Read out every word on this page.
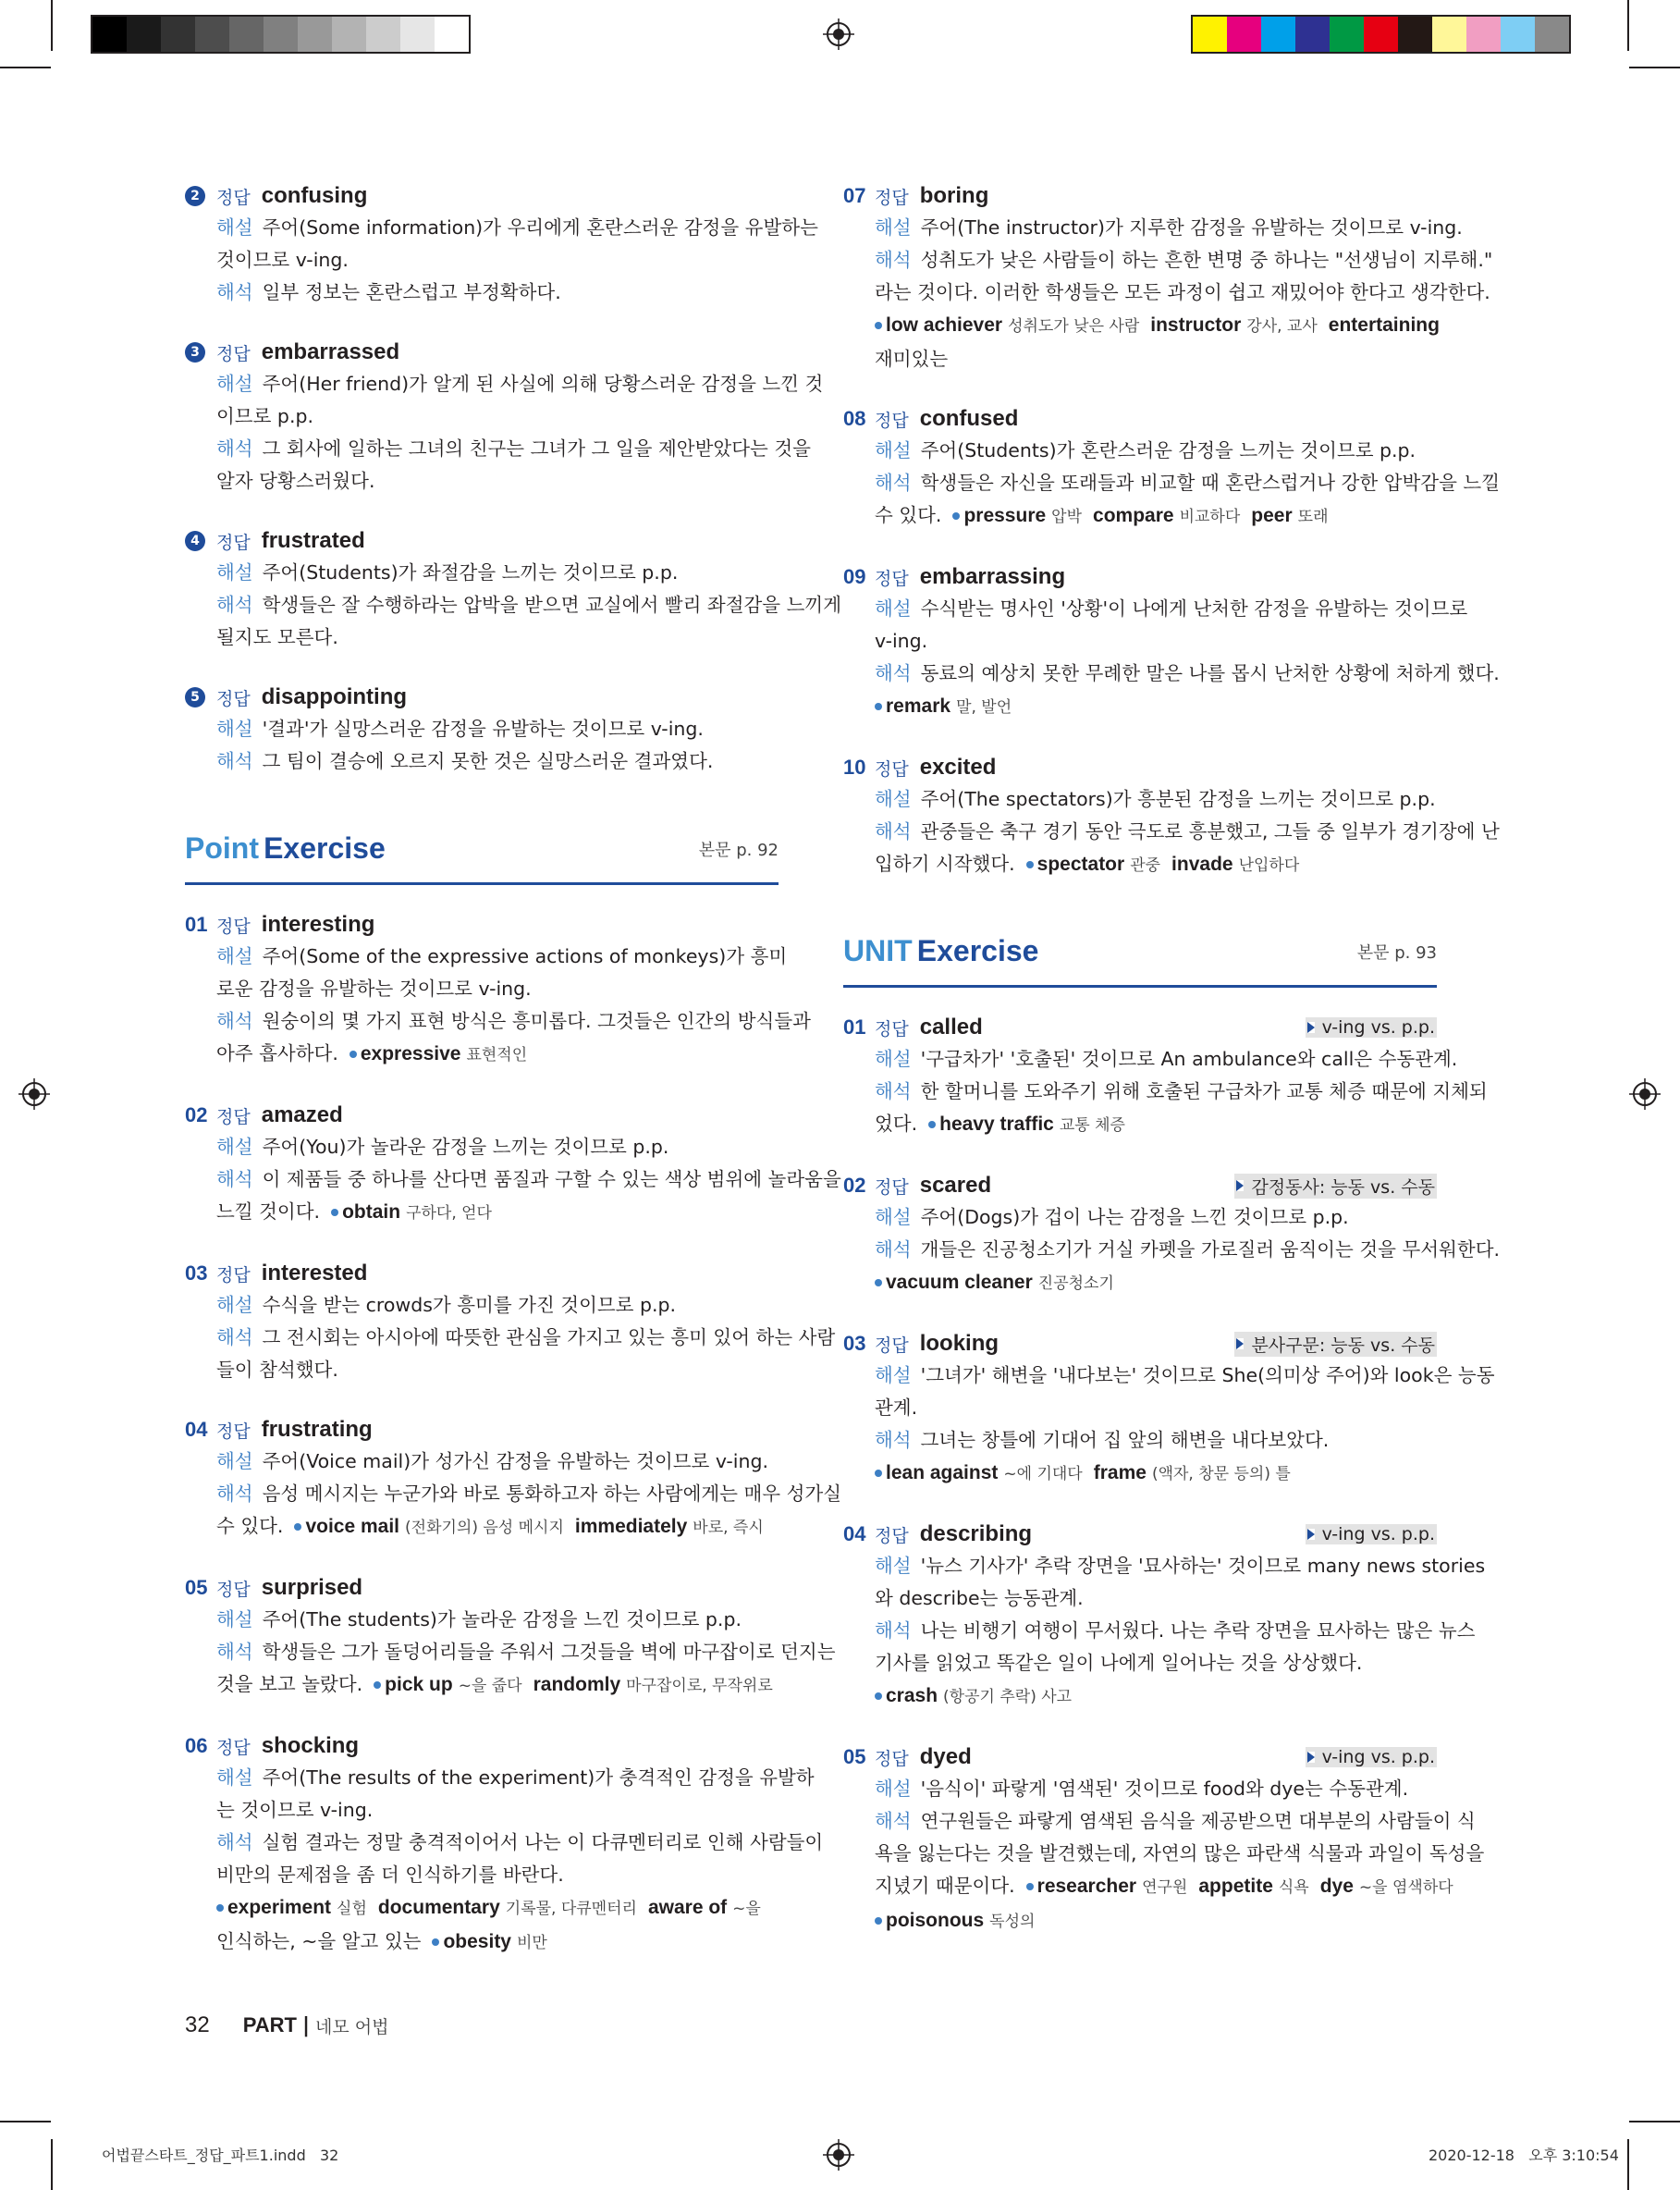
2 정답 confusing
해설 주어(Some information)가 우리에게 혼란스러운 감정을 유발하는
것이므로 v-ing.
해석 일부 정보는 혼란스럽고 부정확하다.
3 정답 embarrassed
해설 주어(Her friend)가 알게 된 사실에 의해 당황스러운 감정을 느낀 것
이므로 p.p.
해석 그 회사에 일하는 그녀의 친구는 그녀가 그 일을 제안받았다는 것을
알자 당황스러웠다.
4 정답 frustrated
해설 주어(Students)가 좌절감을 느끼는 것이므로 p.p.
해석 학생들은 잘 수행하라는 압박을 받으면 교실에서 빨리 좌절감을 느끼게
될지도 모른다.
5 정답 disappointing
해설 '결과'가 실망스러운 감정을 유발하는 것이므로 v-ing.
해석 그 팀이 결승에 오르지 못한 것은 실망스러운 결과였다.
Point Exercise	본문 p. 92
01 정답 interesting
해설 주어(Some of the expressive actions of monkeys)가 흥미
로운 감정을 유발하는 것이므로 v-ing.
해석 원숭이의 몇 가지 표현 방식은 흥미롭다. 그것들은 인간의 방식들과
아주 흡사하다. expressive 표현적인
02 정답 amazed
해설 주어(You)가 놀라운 감정을 느끼는 것이므로 p.p.
해석 이 제품들 중 하나를 산다면 품질과 구할 수 있는 색상 범위에 놀라움을
느낄 것이다. obtain 구하다, 얻다
03 정답 interested
해설 수식을 받는 crowds가 흥미를 가진 것이므로 p.p.
해석 그 전시회는 아시아에 따뜻한 관심을 가지고 있는 흥미 있어 하는 사람
들이 참석했다.
04 정답 frustrating
해설 주어(Voice mail)가 성가신 감정을 유발하는 것이므로 v-ing.
해석 음성 메시지는 누군가와 바로 통화하고자 하는 사람에게는 매우 성가실
수 있다. voice mail (전화기의) 음성 메시지 immediately 바로, 즉시
05 정답 surprised
해설 주어(The students)가 놀라운 감정을 느낀 것이므로 p.p.
해석 학생들은 그가 돌덩어리들을 주워서 그것들을 벽에 마구잡이로 던지는
것을 보고 놀랐다. pick up ~을 줍다 randomly 마구잡이로, 무작위로
06 정답 shocking
해설 주어(The results of the experiment)가 충격적인 감정을 유발하
는 것이므로 v-ing.
해석 실험 결과는 정말 충격적이어서 나는 이 다큐멘터리로 인해 사람들이
비만의 문제점을 좀 더 인식하기를 바란다.
experiment 실험 documentary 기록물, 다큐멘터리 aware of ~을
인식하는, ~을 알고 있는 obesity 비만
07 정답 boring
해설 주어(The instructor)가 지루한 감정을 유발하는 것이므로 v-ing.
해석 성취도가 낮은 사람들이 하는 흔한 변명 중 하나는 "선생님이 지루해."
라는 것이다. 이러한 학생들은 모든 과정이 쉽고 재밌어야 한다고 생각한다.
low achiever 성취도가 낮은 사람 instructor 강사, 교사 entertaining
재미있는
08 정답 confused
해설 주어(Students)가 혼란스러운 감정을 느끼는 것이므로 p.p.
해석 학생들은 자신을 또래들과 비교할 때 혼란스럽거나 강한 압박감을 느낄
수 있다. pressure 압박 compare 비교하다 peer 또래
09 정답 embarrassing
해설 수식받는 명사인 '상황'이 나에게 난처한 감정을 유발하는 것이므로
v-ing.
해석 동료의 예상치 못한 무례한 말은 나를 몹시 난처한 상황에 처하게 했다.
remark 말, 발언
10 정답 excited
해설 주어(The spectators)가 흥분된 감정을 느끼는 것이므로 p.p.
해석 관중들은 축구 경기 동안 극도로 흥분했고, 그들 중 일부가 경기장에 난
입하기 시작했다. spectator 관중 invade 난입하다
UNIT Exercise	본문 p. 93
01 정답 called	v-ing vs. p.p.
해설 '구급차가' '호출된' 것이므로 An ambulance와 call은 수동관계.
해석 한 할머니를 도와주기 위해 호출된 구급차가 교통 체증 때문에 지체되
었다. heavy traffic 교통 체증
02 정답 scared	감정동사: 능동 vs. 수동
해설 주어(Dogs)가 겁이 나는 감정을 느낀 것이므로 p.p.
해석 개들은 진공청소기가 거실 카펫을 가로질러 움직이는 것을 무서워한다.
vacuum cleaner 진공청소기
03 정답 looking	분사구문: 능동 vs. 수동
해설 '그녀가' 해변을 '내다보는' 것이므로 She(의미상 주어)와 look은 능동
관계.
해석 그녀는 창틀에 기대어 집 앞의 해변을 내다보았다.
lean against ~에 기대다 frame (액자, 창문 등의) 틀
04 정답 describing	v-ing vs. p.p.
해설 '뉴스 기사가' 추락 장면을 '묘사하는' 것이므로 many news stories
와 describe는 능동관계.
해석 나는 비행기 여행이 무서웠다. 나는 추락 장면을 묘사하는 많은 뉴스
기사를 읽었고 똑같은 일이 나에게 일어나는 것을 상상했다.
crash (항공기 추락) 사고
05 정답 dyed	v-ing vs. p.p.
해설 '음식이' 파랗게 '염색된' 것이므로 food와 dye는 수동관계.
해석 연구원들은 파랗게 염색된 음식을 제공받으면 대부분의 사람들이 식
욕을 잃는다는 것을 발견했는데, 자연의 많은 파란색 식물과 과일이 독성을
지녔기 때문이다. researcher 연구원 appetite 식욕 dye ~을 염색하다
poisonous 독성의
32 PART | 네모 어법
어법끝스타트_정답_파트1.indd   32	2020-12-18   오후 3:10:54
